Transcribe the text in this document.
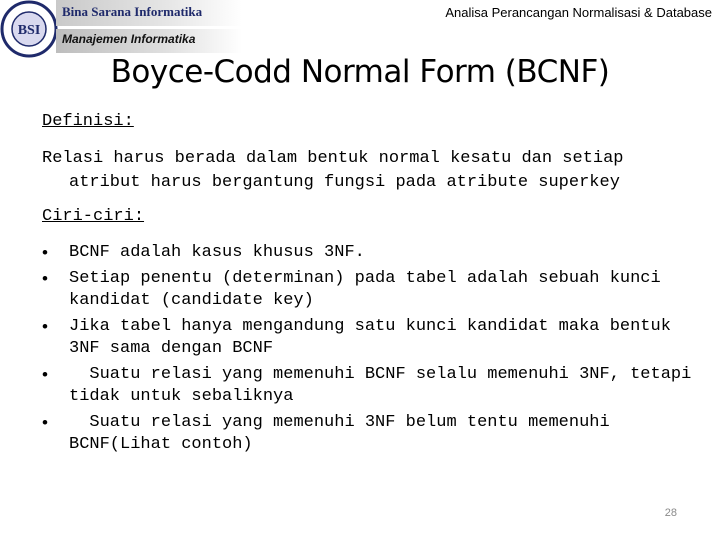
BSI
Bina Sarana Informatika
Manajemen Informatika
Analisa Perancangan Normalisasi & Database
Boyce-Codd Normal Form (BCNF)
Definisi:
Relasi harus berada dalam bentuk normal kesatu dan setiap
atribut harus bergantung fungsi pada atribute superkey
Ciri-ciri:
• BCNF adalah kasus khusus 3NF.
• Setiap penentu (determinan) pada tabel adalah sebuah kunci kandidat (candidate key)
• Jika tabel hanya mengandung satu kunci kandidat maka bentuk 3NF sama dengan BCNF
• Suatu relasi yang memenuhi BCNF selalu memenuhi 3NF, tetapi tidak untuk sebaliknya
• Suatu relasi yang memenuhi 3NF belum tentu memenuhi BCNF(Lihat contoh)
28
